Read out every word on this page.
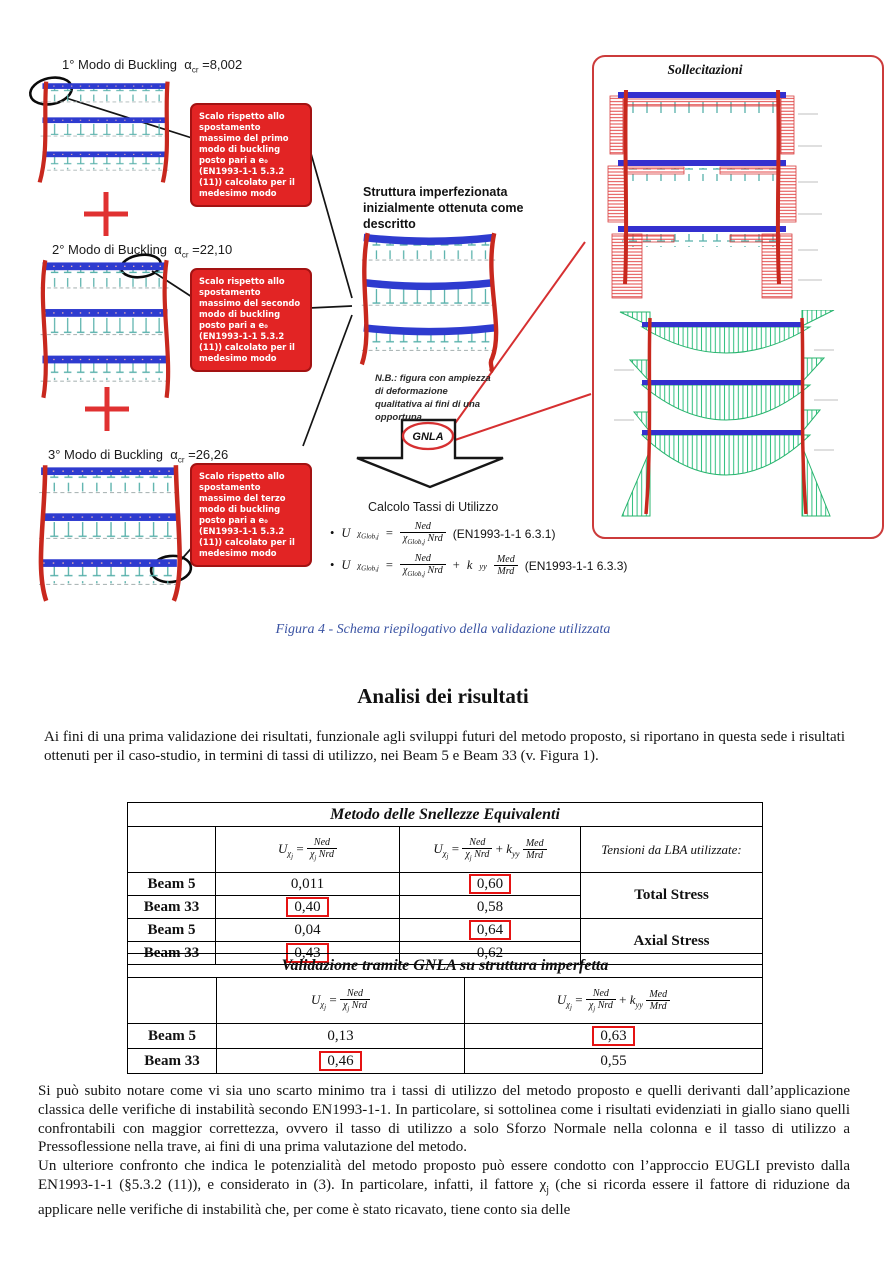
GNLA
1° Modo di Buckling $\alpha_{cr} =8,002$
Scalo rispetto allo spostamento massimo del primo modo di buckling posto pari a e₀ (EN1993-1-1 5.3.2 (11)) calcolato per il medesimo modo
2° Modo di Buckling $\alpha_{cr} =22,10$
Scalo rispetto allo spostamento massimo del secondo modo di buckling posto pari a e₀ (EN1993-1-1 5.3.2 (11)) calcolato per il medesimo modo
3° Modo di Buckling $\alpha_{cr} =26,26$
Scalo rispetto allo spostamento massimo del terzo modo di buckling posto pari a e₀ (EN1993-1-1 5.3.2 (11)) calcolato per il medesimo modo
Struttura imperfezionata inizialmente ottenuta come descritto
N.B.: figura con ampiezza di deformazione qualitativa ai fini di una opportuna
Calcolo Tassi di Utilizzo
• U $\chi_{Glob,j} = \frac{\text{Ned}}{\chi_{Glob,j} Nrd} (EN1993-1-1$ 6.3.1)
• U $\chi_{Glob,j} = \frac{\text{Ned}}{\chi_{Glob,j} Nrd} + k$ yy $\frac{\text{Med}}{\text{Mrd}} (EN1993-1-1$ 6.3.3)
Sollecitazioni
Figura 4 - Schema riepilogativo della validazione utilizzata
Analisi dei risultati
Ai fini di una prima validazione dei risultati, funzionale agli sviluppi futuri del metodo proposto, si riportano in questa sede i risultati ottenuti per il caso-studio, in termini di tassi di utilizzo, nei Beam 5 e Beam 33 (v. Figura 1).
Metodo delle Snellezze Equivalenti			
	$U_{\chi_j} = \frac{\text{Ned}}{\chi_j Nrd}$	$U_{\chi_j} = \frac{\text{Ned}}{\chi_j Nrd} + k_{yy} \frac{\text{Med}}{\text{Mrd}}$	Tensioni da LBA utilizzate:
Beam 5	0,011	0,60	Total Stress
Beam 33	0,40	0,58	
Beam 5	0,04	0,64	Axial Stress
Beam 33	0,43	0,62	
Validazione tramite GNLA su struttura imperfetta		
	$U_{\chi_j} = \frac{\text{Ned}}{\chi_j Nrd}$	$U_{\chi_j} = \frac{\text{Ned}}{\chi_j Nrd} + k_{yy} \frac{\text{Med}}{\text{Mrd}}$

Beam 5	0,13	0,63
Beam 33	0,46	0,55

Si può subito notare come vi sia uno scarto minimo tra i tassi di utilizzo del metodo proposto e quelli derivanti dall’applicazione classica delle verifiche di instabilità secondo EN1993-1-1. In particolare, si sottolinea come i risultati evidenziati in giallo siano quelli confrontabili con maggior correttezza, ovvero il tasso di utilizzo a solo Sforzo Normale nella colonna e il tasso di utilizzo a Pressoflessione nella trave, ai fini di una prima valutazione del metodo.

Un ulteriore confronto che indica le potenzialità del metodo proposto può essere condotto con l’approccio EUGLI previsto dalla EN1993-1-1 (§5.3.2 (11)), e considerato in (3). In particolare, infatti, il fattore $\chi_j$ (che si ricorda essere il fattore di riduzione da applicare nelle verifiche di instabilità che, per come è stato ricavato, tiene conto sia delle
